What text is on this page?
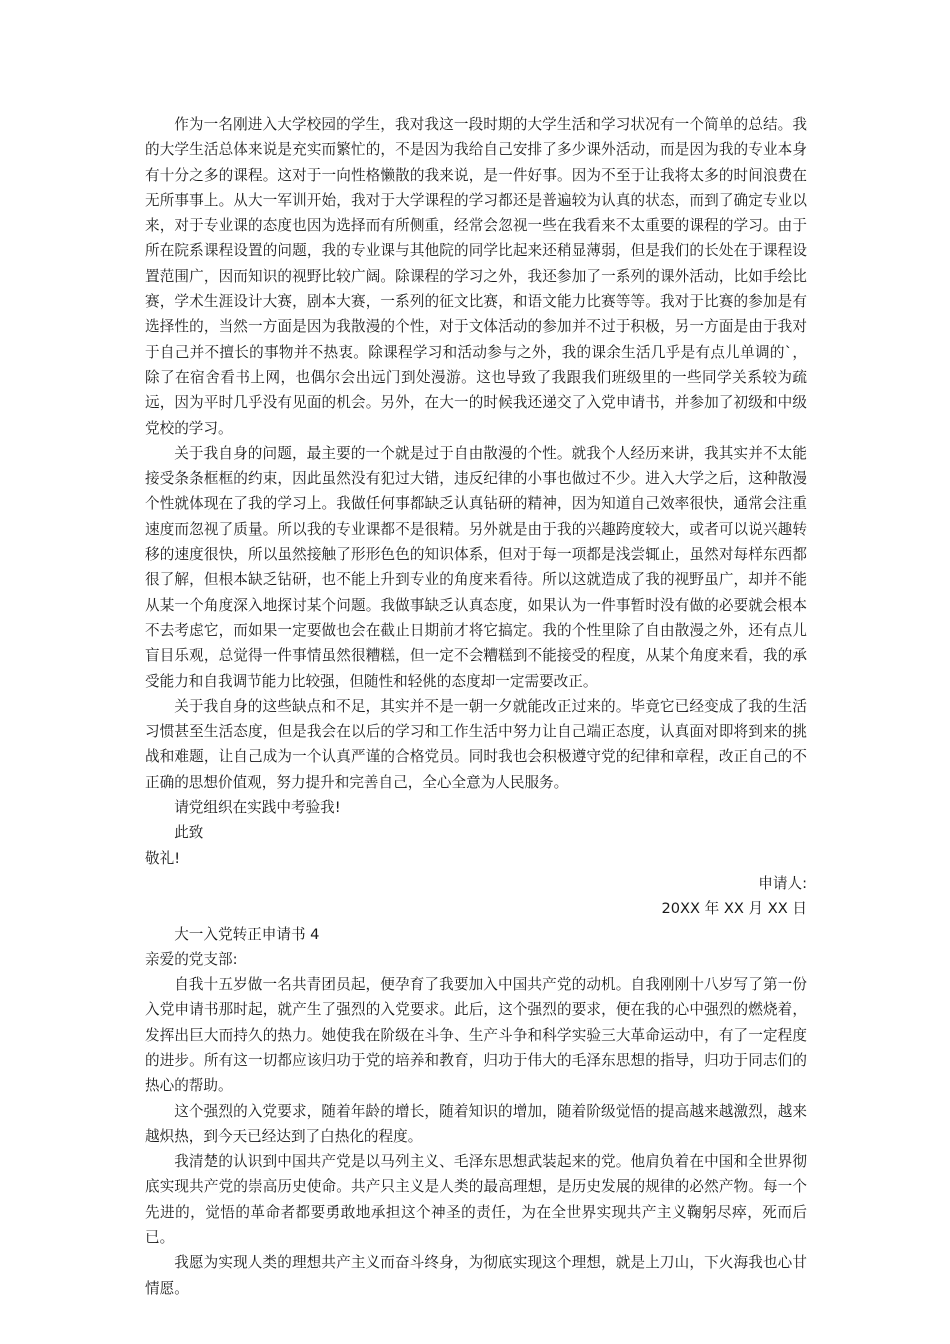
作为一名刚进入大学校园的学生，我对我这一段时期的大学生活和学习状况有一个简单的总结。我的大学生活总体来说是充实而繁忙的，不是因为我给自己安排了多少课外活动，而是因为我的专业本身有十分之多的课程。这对于一向性格懒散的我来说，是一件好事。因为不至于让我将太多的时间浪费在无所事事上。从大一军训开始，我对于大学课程的学习都还是普遍较为认真的状态，而到了确定专业以来，对于专业课的态度也因为选择而有所侧重，经常会忽视一些在我看来不太重要的课程的学习。由于所在院系课程设置的问题，我的专业课与其他院的同学比起来还稍显薄弱，但是我们的长处在于课程设置范围广，因而知识的视野比较广阔。除课程的学习之外，我还参加了一系列的课外活动，比如手绘比赛，学术生涯设计大赛，剧本大赛，一系列的征文比赛，和语文能力比赛等等。我对于比赛的参加是有选择性的，当然一方面是因为我散漫的个性，对于文体活动的参加并不过于积极，另一方面是由于我对于自己并不擅长的事物并不热衷。除课程学习和活动参与之外，我的课余生活几乎是有点儿单调的`，除了在宿舍看书上网，也偶尔会出远门到处漫游。这也导致了我跟我们班级里的一些同学关系较为疏远，因为平时几乎没有见面的机会。另外，在大一的时候我还递交了入党申请书，并参加了初级和中级党校的学习。

关于我自身的问题，最主要的一个就是过于自由散漫的个性。就我个人经历来讲，我其实并不太能接受条条框框的约束，因此虽然没有犯过大错，违反纪律的小事也做过不少。进入大学之后，这种散漫个性就体现在了我的学习上。我做任何事都缺乏认真钻研的精神，因为知道自己效率很快，通常会注重速度而忽视了质量。所以我的专业课都不是很精。另外就是由于我的兴趣跨度较大，或者可以说兴趣转移的速度很快，所以虽然接触了形形色色的知识体系，但对于每一项都是浅尝辄止，虽然对每样东西都很了解，但根本缺乏钻研，也不能上升到专业的角度来看待。所以这就造成了我的视野虽广，却并不能从某一个角度深入地探讨某个问题。我做事缺乏认真态度，如果认为一件事暂时没有做的必要就会根本不去考虑它，而如果一定要做也会在截止日期前才将它搞定。我的个性里除了自由散漫之外，还有点儿盲目乐观，总觉得一件事情虽然很糟糕，但一定不会糟糕到不能接受的程度，从某个角度来看，我的承受能力和自我调节能力比较强，但随性和轻佻的态度却一定需要改正。

关于我自身的这些缺点和不足，其实并不是一朝一夕就能改正过来的。毕竟它已经变成了我的生活习惯甚至生活态度，但是我会在以后的学习和工作生活中努力让自己端正态度，认真面对即将到来的挑战和难题，让自己成为一个认真严谨的合格党员。同时我也会积极遵守党的纪律和章程，改正自己的不正确的思想价值观，努力提升和完善自己，全心全意为人民服务。

请党组织在实践中考验我!

此致

敬礼!

申请人:

20XX 年 XX 月 XX 日

大一入党转正申请书 4

亲爱的党支部:

自我十五岁做一名共青团员起，便孕育了我要加入中国共产党的动机。自我刚刚十八岁写了第一份入党申请书那时起，就产生了强烈的入党要求。此后，这个强烈的要求，便在我的心中强烈的燃烧着，发挥出巨大而持久的热力。她使我在阶级在斗争、生产斗争和科学实验三大革命运动中，有了一定程度的进步。所有这一切都应该归功于党的培养和教育，归功于伟大的毛泽东思想的指导，归功于同志们的热心的帮助。

这个强烈的入党要求，随着年龄的增长，随着知识的增加，随着阶级觉悟的提高越来越激烈，越来越炽热，到今天已经达到了白热化的程度。

我清楚的认识到中国共产党是以马列主义、毛泽东思想武装起来的党。他肩负着在中国和全世界彻底实现共产党的崇高历史使命。共产只主义是人类的最高理想，是历史发展的规律的必然产物。每一个先进的，觉悟的革命者都要勇敢地承担这个神圣的责任，为在全世界实现共产主义鞠躬尽瘁，死而后已。

我愿为实现人类的理想共产主义而奋斗终身，为彻底实现这个理想，就是上刀山，下火海我也心甘情愿。
